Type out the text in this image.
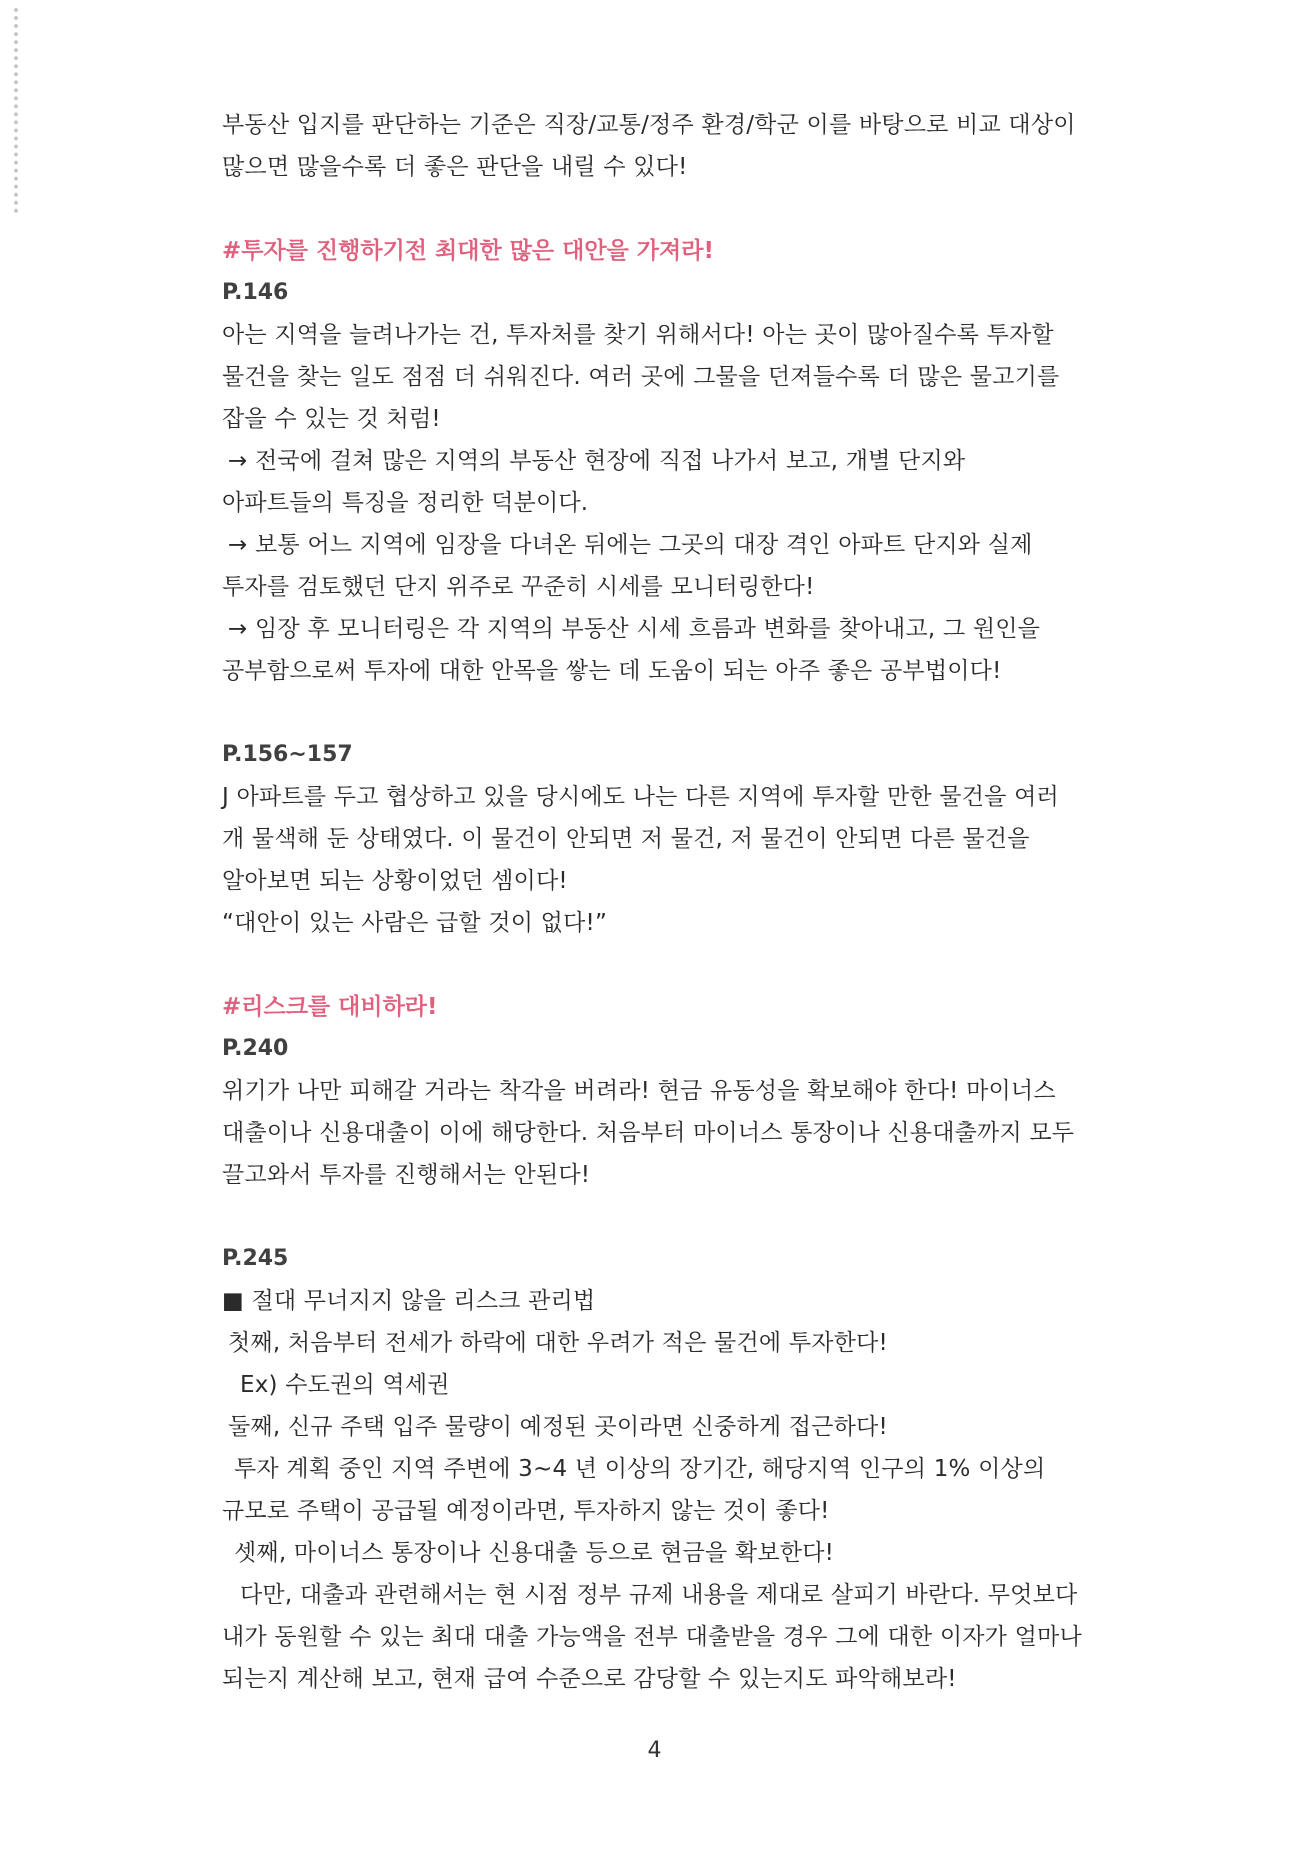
부동산 입지를 판단하는 기준은 직장/교통/정주 환경/학군 이를 바탕으로 비교 대상이
많으면 많을수록 더 좋은 판단을 내릴 수 있다!
#투자를 진행하기전 최대한 많은 대안을 가져라!
P.146
아는 지역을 늘려나가는 건, 투자처를 찾기 위해서다! 아는 곳이 많아질수록 투자할
물건을 찾는 일도 점점 더 쉬워진다. 여러 곳에 그물을 던져들수록 더 많은 물고기를
잡을 수 있는 것 처럼!
→ 전국에 걸쳐 많은 지역의 부동산 현장에 직접 나가서 보고, 개별 단지와
아파트들의 특징을 정리한 덕분이다.
→ 보통 어느 지역에 임장을 다녀온 뒤에는 그곳의 대장 격인 아파트 단지와 실제
투자를 검토했던 단지 위주로 꾸준히 시세를 모니터링한다!
→ 임장 후 모니터링은 각 지역의 부동산 시세 흐름과 변화를 찾아내고, 그 원인을
공부함으로써 투자에 대한 안목을 쌓는 데 도움이 되는 아주 좋은 공부법이다!
P.156~157
J 아파트를 두고 협상하고 있을 당시에도 나는 다른 지역에 투자할 만한 물건을 여러
개 물색해 둔 상태였다. 이 물건이 안되면 저 물건, 저 물건이 안되면 다른 물건을
알아보면 되는 상황이었던 셈이다!
“대안이 있는 사람은 급할 것이 없다!”
#리스크를 대비하라!
P.240
위기가 나만 피해갈 거라는 착각을 버려라! 현금 유동성을 확보해야 한다! 마이너스
대출이나 신용대출이 이에 해당한다. 처음부터 마이너스 통장이나 신용대출까지 모두
끌고와서 투자를 진행해서는 안된다!
P.245
■ 절대 무너지지 않을 리스크 관리법
첫째, 처음부터 전세가 하락에 대한 우려가 적은 물건에 투자한다!
Ex) 수도권의 역세권
둘째, 신규 주택 입주 물량이 예정된 곳이라면 신중하게 접근하다!
투자 계획 중인 지역 주변에 3~4 년 이상의 장기간, 해당지역 인구의 1% 이상의
규모로 주택이 공급될 예정이라면, 투자하지 않는 것이 좋다!
셋째, 마이너스 통장이나 신용대출 등으로 현금을 확보한다!
다만, 대출과 관련해서는 현 시점 정부 규제 내용을 제대로 살피기 바란다. 무엇보다
내가 동원할 수 있는 최대 대출 가능액을 전부 대출받을 경우 그에 대한 이자가 얼마나
되는지 계산해 보고, 현재 급여 수준으로 감당할 수 있는지도 파악해보라!
4
